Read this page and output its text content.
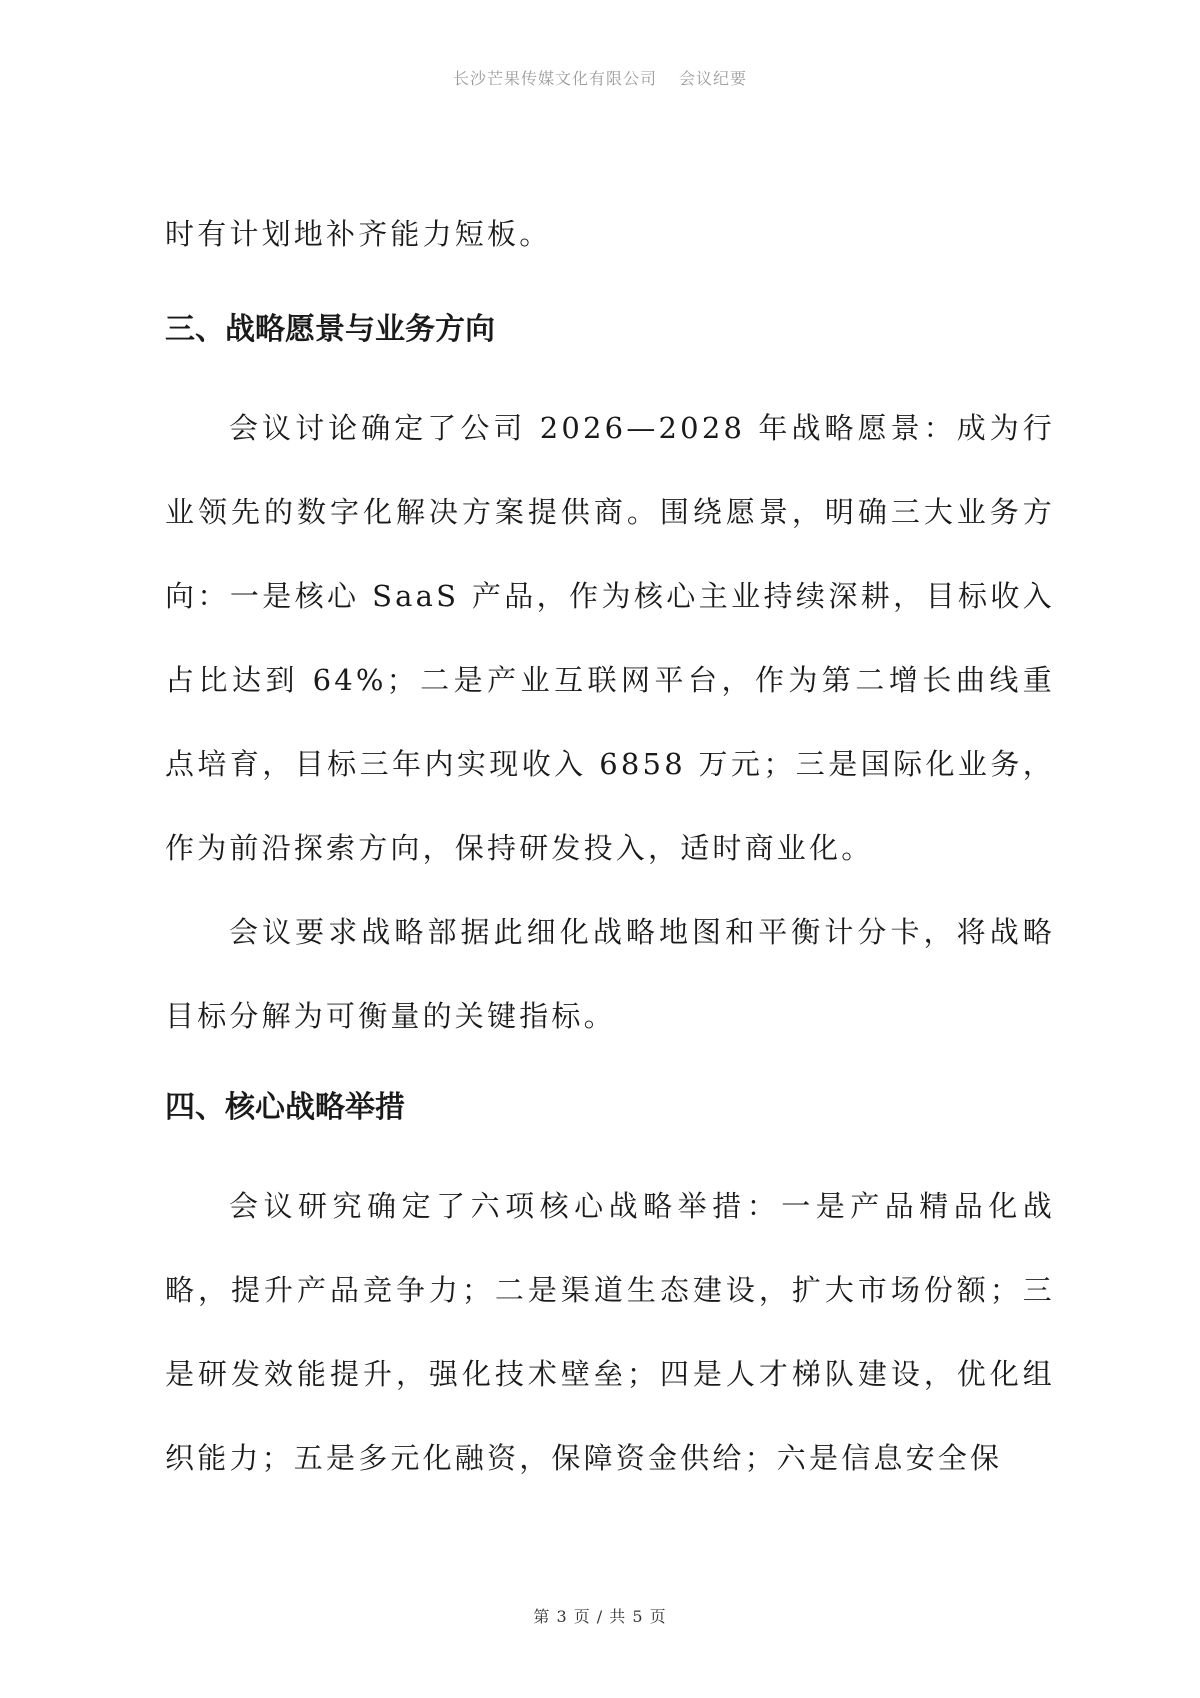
长沙芒果传媒文化有限公司 会议纪要

时有计划地补齐能力短板。

三、战略愿景与业务方向

会议讨论确定了公司 2026—2028 年战略愿景：成为行业领先的数字化解决方案提供商。围绕愿景，明确三大业务方向：一是核心 SaaS 产品，作为核心主业持续深耕，目标收入占比达到 64%；二是产业互联网平台，作为第二增长曲线重点培育，目标三年内实现收入 6858 万元；三是国际化业务，作为前沿探索方向，保持研发投入，适时商业化。

会议要求战略部据此细化战略地图和平衡计分卡，将战略目标分解为可衡量的关键指标。

四、核心战略举措

会议研究确定了六项核心战略举措：一是产品精品化战略，提升产品竞争力；二是渠道生态建设，扩大市场份额；三是研发效能提升，强化技术壁垒；四是人才梯队建设，优化组织能力；五是多元化融资，保障资金供给；六是信息安全保

第 3 页 / 共 5 页
